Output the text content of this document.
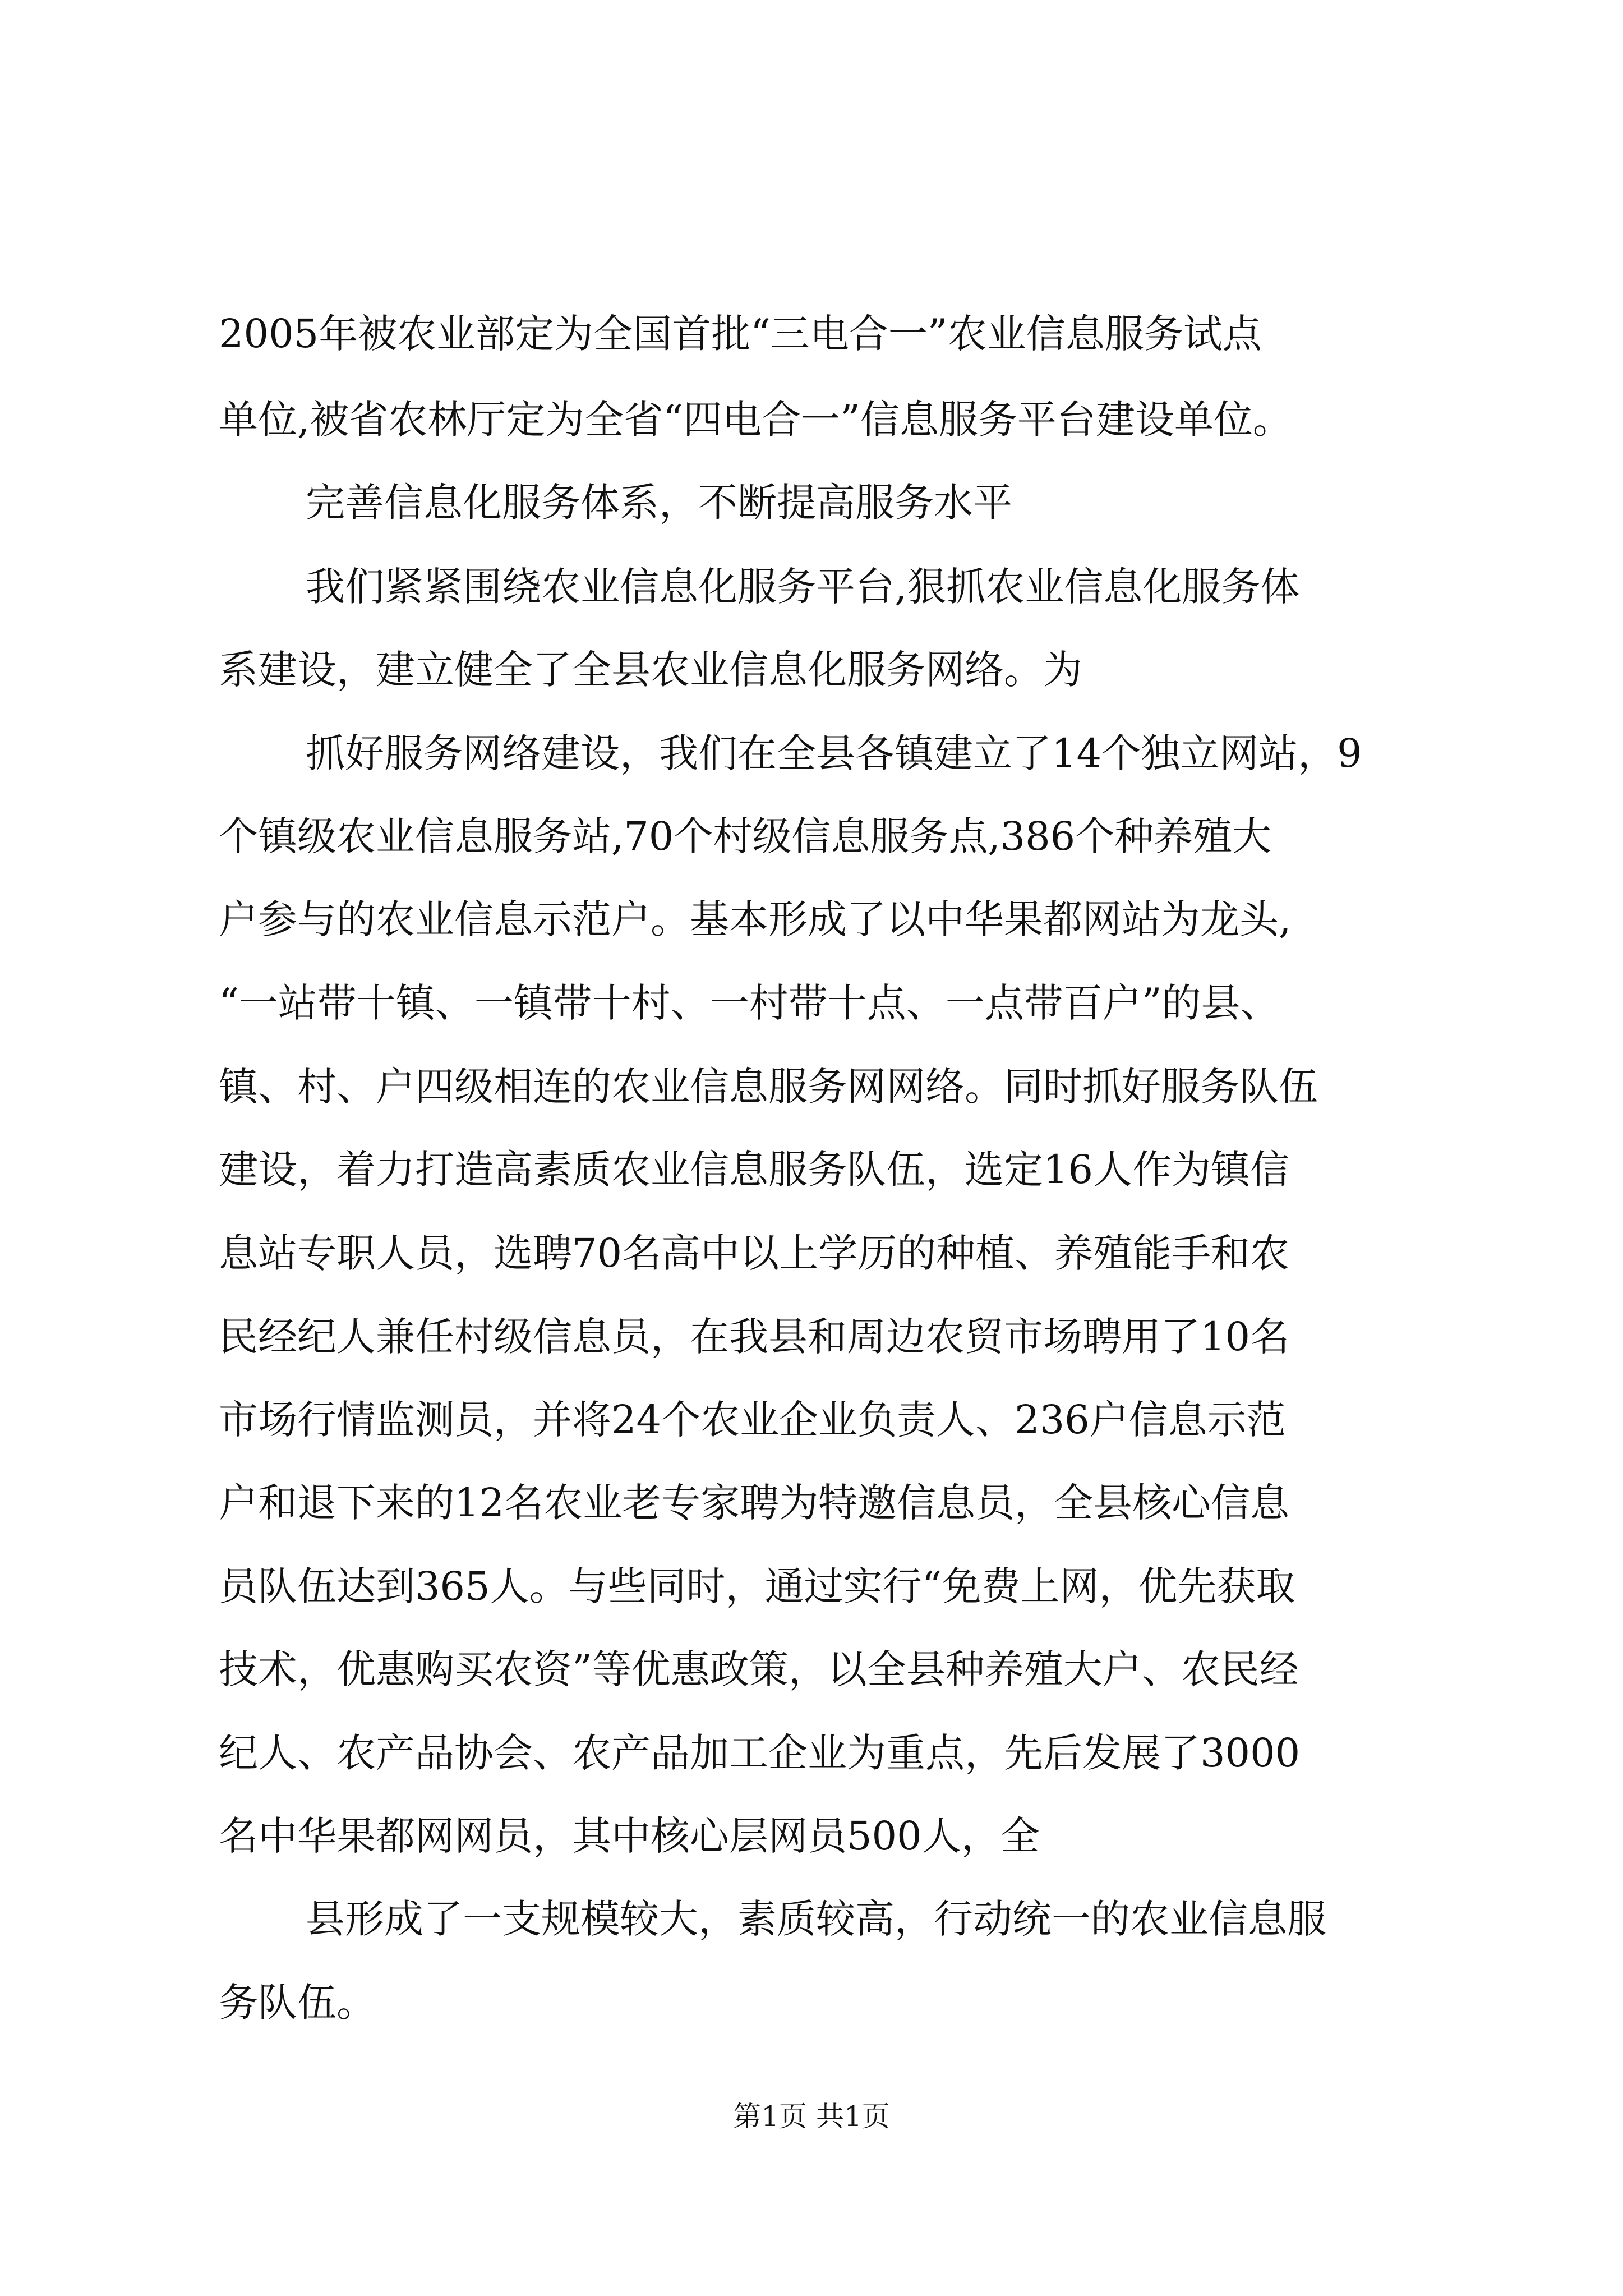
2005年被农业部定为全国首批“三电合一”农业信息服务试点
单位,被省农林厅定为全省“四电合一”信息服务平台建设单位。
完善信息化服务体系，不断提高服务水平
我们紧紧围绕农业信息化服务平台,狠抓农业信息化服务体
系建设，建立健全了全县农业信息化服务网络。为
抓好服务网络建设，我们在全县各镇建立了14个独立网站，9
个镇级农业信息服务站,70个村级信息服务点,386个种养殖大
户参与的农业信息示范户。基本形成了以中华果都网站为龙头,
“一站带十镇、一镇带十村、一村带十点、一点带百户”的县、
镇、村、户四级相连的农业信息服务网网络。同时抓好服务队伍
建设，着力打造高素质农业信息服务队伍，选定16人作为镇信
息站专职人员，选聘70名高中以上学历的种植、养殖能手和农
民经纪人兼任村级信息员，在我县和周边农贸市场聘用了10名
市场行情监测员，并将24个农业企业负责人、236户信息示范
户和退下来的12名农业老专家聘为特邀信息员，全县核心信息
员队伍达到365人。与些同时，通过实行“免费上网，优先获取
技术，优惠购买农资”等优惠政策，以全县种养殖大户、农民经
纪人、农产品协会、农产品加工企业为重点，先后发展了3000
名中华果都网网员，其中核心层网员500人，全
县形成了一支规模较大，素质较高，行动统一的农业信息服
务队伍。
第1页 共1页
